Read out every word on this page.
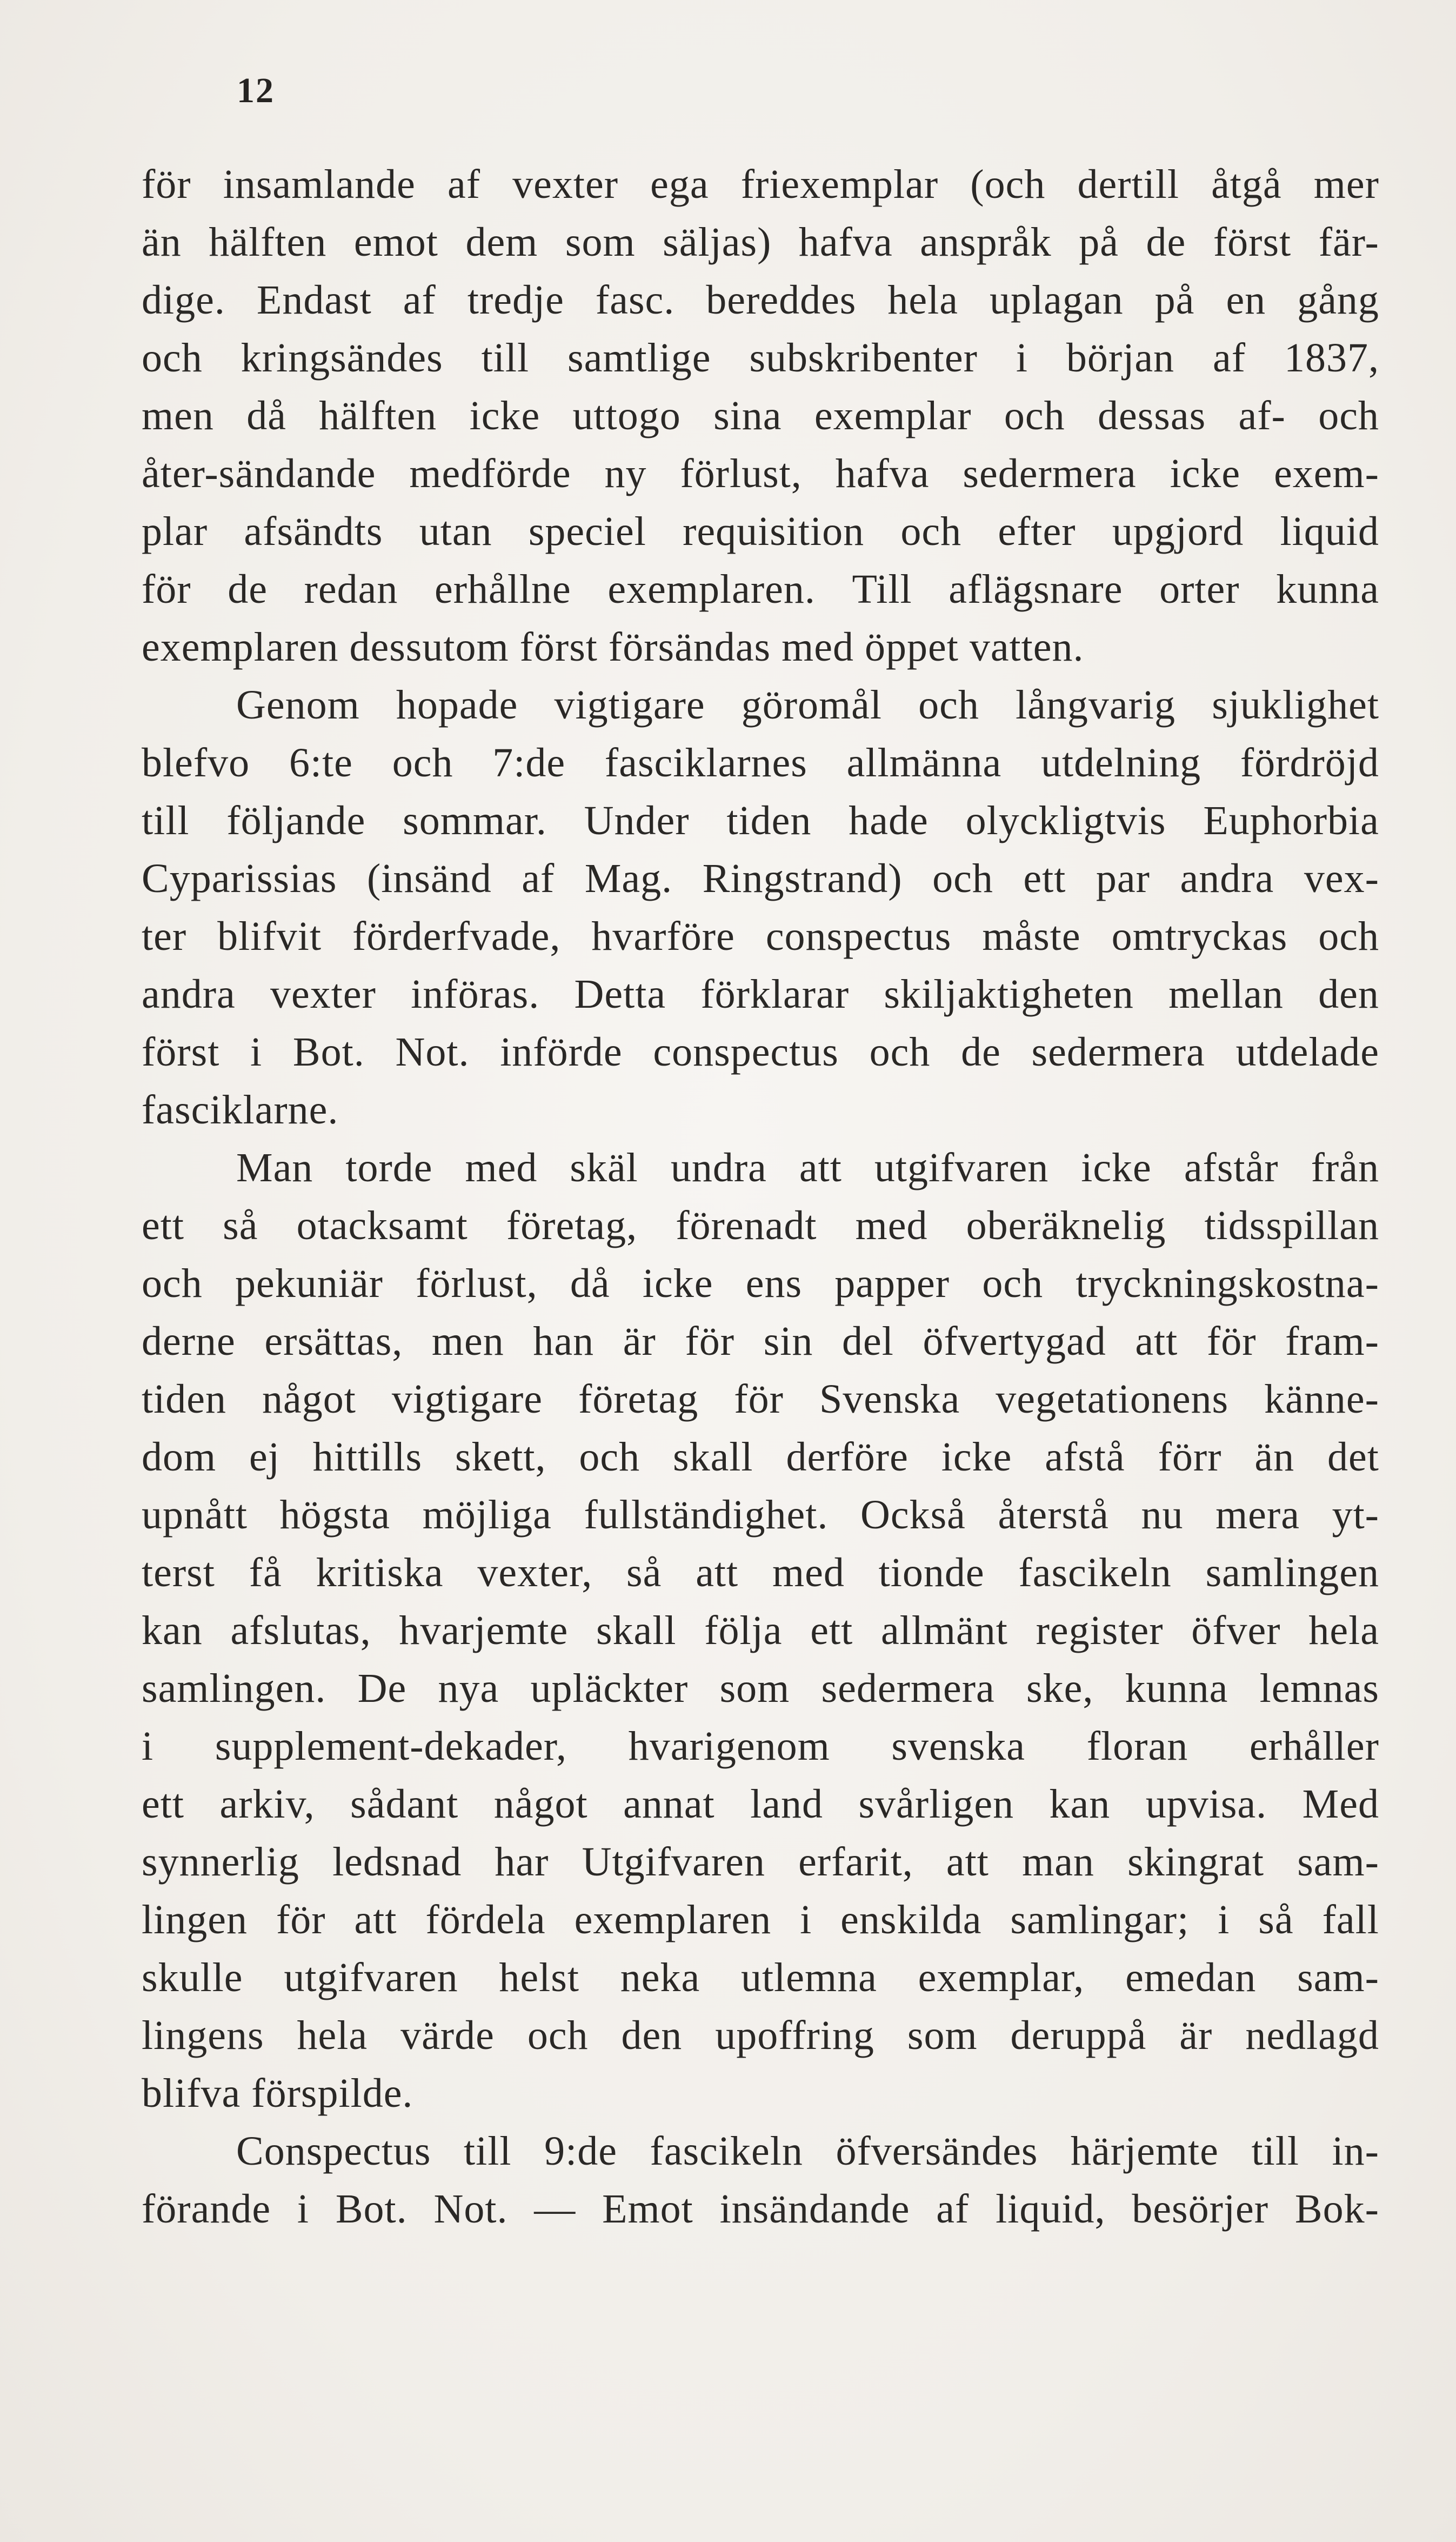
12
för insamlande af vexter ega friexemplar (och dertill åtgå mer
än hälften emot dem som säljas) hafva anspråk på de först fär-
dige. Endast af tredje fasc. bereddes hela uplagan på en gång
och kringsändes till samtlige subskribenter i början af 1837,
men då hälften icke uttogo sina exemplar och dessas af- och
åter-sändande medförde ny förlust, hafva sedermera icke exem-
plar afsändts utan speciel requisition och efter upgjord liquid
för de redan erhållne exemplaren. Till aflägsnare orter kunna
exemplaren dessutom först försändas med öppet vatten.
Genom hopade vigtigare göromål och långvarig sjuklighet
blefvo 6:te och 7:de fasciklarnes allmänna utdelning fördröjd
till följande sommar. Under tiden hade olyckligtvis Euphorbia
Cyparissias (insänd af Mag. Ringstrand) och ett par andra vex-
ter blifvit förderfvade, hvarföre conspectus måste omtryckas och
andra vexter införas. Detta förklarar skiljaktigheten mellan den
först i Bot. Not. införde conspectus och de sedermera utdelade
fasciklarne.
Man torde med skäl undra att utgifvaren icke afstår från
ett så otacksamt företag, förenadt med oberäknelig tidsspillan
och pekuniär förlust, då icke ens papper och tryckningskostna-
derne ersättas, men han är för sin del öfvertygad att för fram-
tiden något vigtigare företag för Svenska vegetationens känne-
dom ej hittills skett, och skall derföre icke afstå förr än det
upnått högsta möjliga fullständighet. Också återstå nu mera yt-
terst få kritiska vexter, så att med tionde fascikeln samlingen
kan afslutas, hvarjemte skall följa ett allmänt register öfver hela
samlingen. De nya upläckter som sedermera ske, kunna lemnas
i supplement-dekader, hvarigenom svenska floran erhåller
ett arkiv, sådant något annat land svårligen kan upvisa. Med
synnerlig ledsnad har Utgifvaren erfarit, att man skingrat sam-
lingen för att fördela exemplaren i enskilda samlingar; i så fall
skulle utgifvaren helst neka utlemna exemplar, emedan sam-
lingens hela värde och den upoffring som deruppå är nedlagd
blifva förspilde.
Conspectus till 9:de fascikeln öfversändes härjemte till in-
förande i Bot. Not. — Emot insändande af liquid, besörjer Bok-
